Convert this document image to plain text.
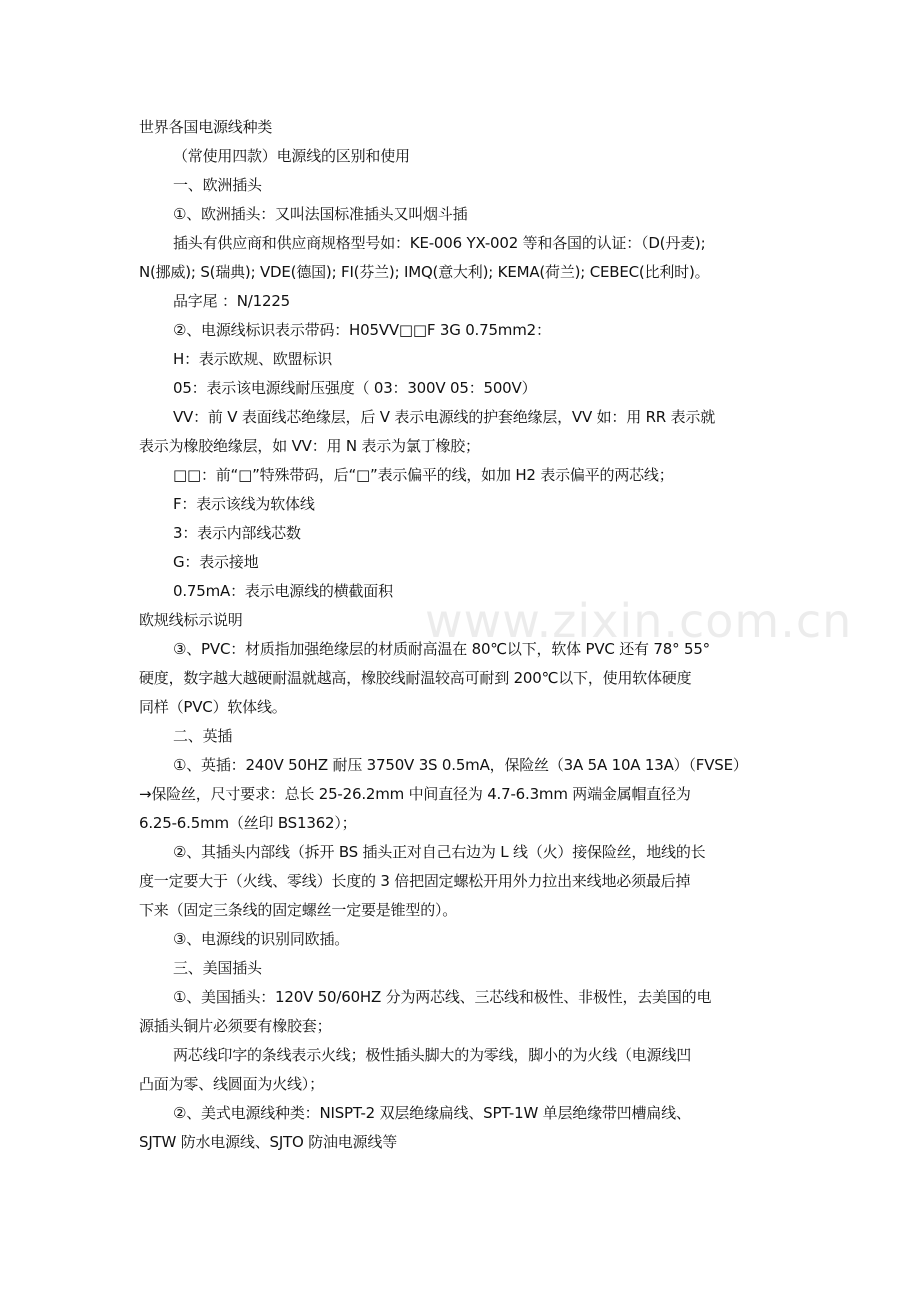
世界各国电源线种类
（常使用四款）电源线的区别和使用
一、欧洲插头
①、欧洲插头：又叫法国标准插头又叫烟斗插
插头有供应商和供应商规格型号如：KE-006 YX-002 等和各国的认证：（D(丹麦);
N(挪威); S(瑞典); VDE(德国); FI(芬兰); IMQ(意大利); KEMA(荷兰); CEBEC(比利时)。
品字尾 ：N/1225
②、电源线标识表示带码：H05VV□□F 3G 0.75mm2：
H：表示欧规、欧盟标识
05：表示该电源线耐压强度（ 03：300V 05：500V）
VV：前 V 表面线芯绝缘层，后 V 表示电源线的护套绝缘层，VV 如：用 RR 表示就
表示为橡胶绝缘层，如 VV：用 N 表示为氯丁橡胶；
□□：前“□”特殊带码，后“□”表示偏平的线，如加 H2 表示偏平的两芯线；
F：表示该线为软体线
3：表示内部线芯数
G：表示接地
0.75mA：表示电源线的横截面积
欧规线标示说明
③、PVC：材质指加强绝缘层的材质耐高温在 80℃以下，软体 PVC 还有 78° 55°
硬度，数字越大越硬耐温就越高，橡胶线耐温较高可耐到 200℃以下，使用软体硬度
同样（PVC）软体线。
二、英插
①、英插：240V 50HZ 耐压 3750V 3S 0.5mA，保险丝（3A 5A 10A 13A）（FVSE）
→保险丝，尺寸要求：总长 25-26.2mm 中间直径为 4.7-6.3mm 两端金属帽直径为
6.25-6.5mm（丝印 BS1362）；
②、其插头内部线（拆开 BS 插头正对自己右边为 L 线（火）接保险丝，地线的长
度一定要大于（火线、零线）长度的 3 倍把固定螺松开用外力拉出来线地必须最后掉
下来（固定三条线的固定螺丝一定要是锥型的）。
③、电源线的识别同欧插。
三、美国插头
①、美国插头：120V 50/60HZ 分为两芯线、三芯线和极性、非极性，去美国的电
源插头铜片必须要有橡胶套；
两芯线印字的条线表示火线；极性插头脚大的为零线，脚小的为火线（电源线凹
凸面为零、线圆面为火线）；
②、美式电源线种类：NISPT-2 双层绝缘扁线、SPT-1W 单层绝缘带凹槽扁线、
SJTW 防水电源线、SJTO 防油电源线等
www.zixin.com.cn
